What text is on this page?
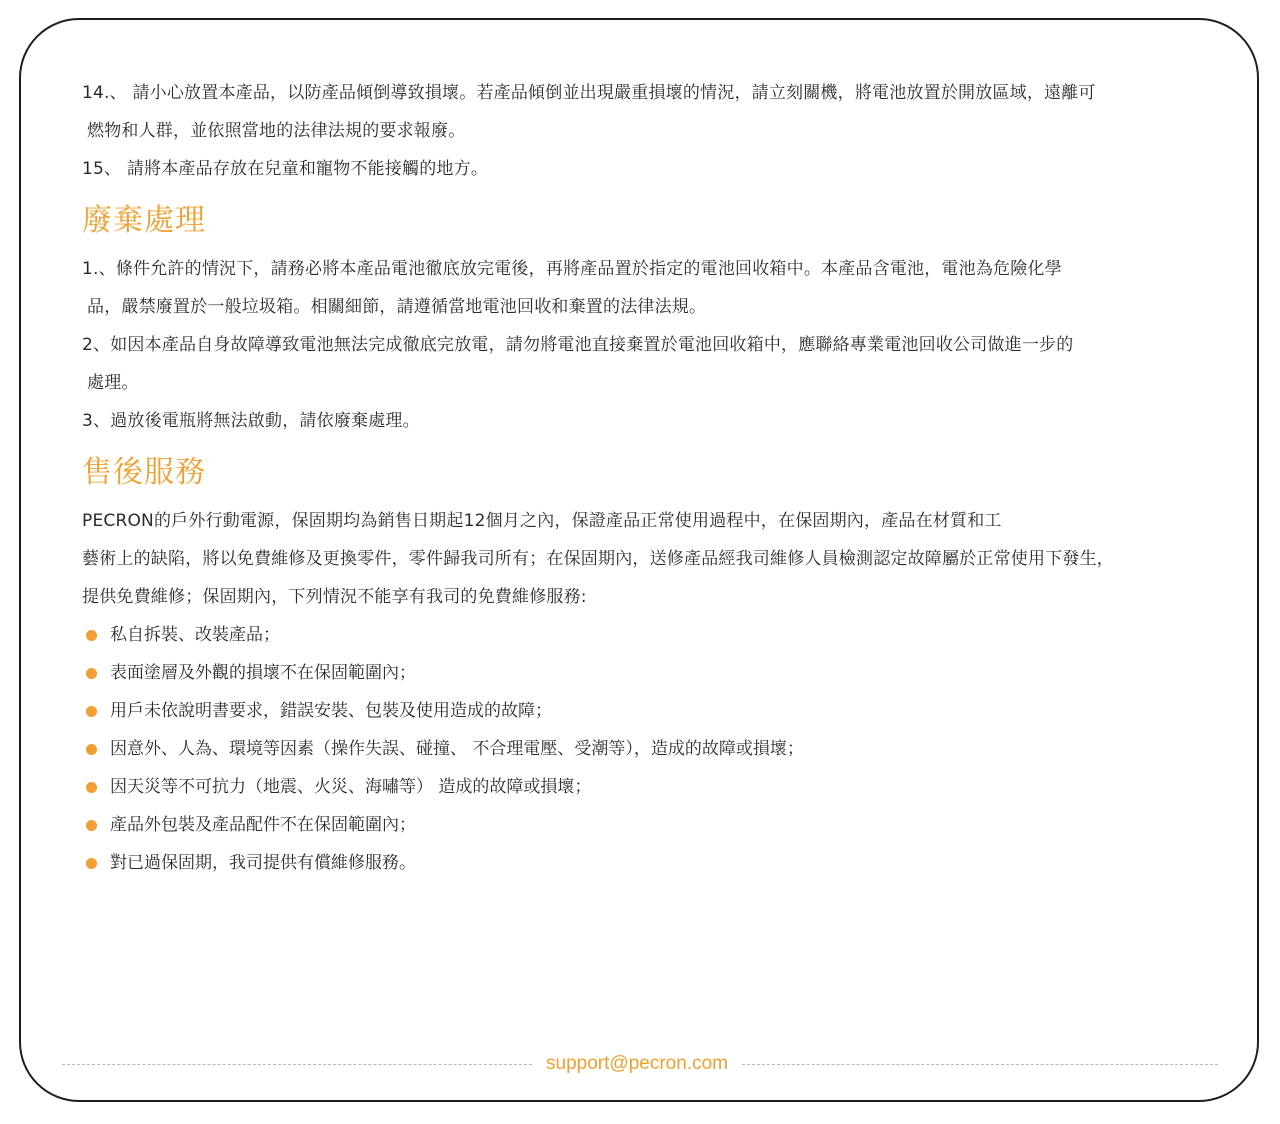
14.、 請小心放置本產品，以防產品傾倒導致損壞。若產品傾倒並出現嚴重損壞的情況，請立刻關機，將電池放置於開放區域，遠離可

燃物和人群，並依照當地的法律法規的要求報廢。

15、 請將本產品存放在兒童和寵物不能接觸的地方。

廢棄處理

1.、條件允許的情況下，請務必將本產品電池徹底放完電後，再將產品置於指定的電池回收箱中。本產品含電池，電池為危險化學

品，嚴禁廢置於一般垃圾箱。相關細節，請遵循當地電池回收和棄置的法律法規。

2、如因本產品自身故障導致電池無法完成徹底完放電，請勿將電池直接棄置於電池回收箱中，應聯絡專業電池回收公司做進一步的

處理。

3、過放後電瓶將無法啟動，請依廢棄處理。

售後服務

PECRON的戶外行動電源，保固期均為銷售日期起12個月之內，保證產品正常使用過程中，在保固期內，產品在材質和工

藝術上的缺陷，將以免費維修及更換零件，零件歸我司所有；在保固期內，送修產品經我司維修人員檢測認定故障屬於正常使用下發生，

提供免費維修；保固期內，下列情況不能享有我司的免費維修服務:

私自拆裝、改裝產品；
表面塗層及外觀的損壞不在保固範圍內；
用戶未依說明書要求，錯誤安裝、包裝及使用造成的故障；
因意外、人為、環境等因素（操作失誤、碰撞、 不合理電壓、受潮等），造成的故障或損壞；
因天災等不可抗力（地震、火災、海嘯等） 造成的故障或損壞；
產品外包裝及產品配件不在保固範圍內；
對已過保固期，我司提供有償維修服務。
support@pecron.com
